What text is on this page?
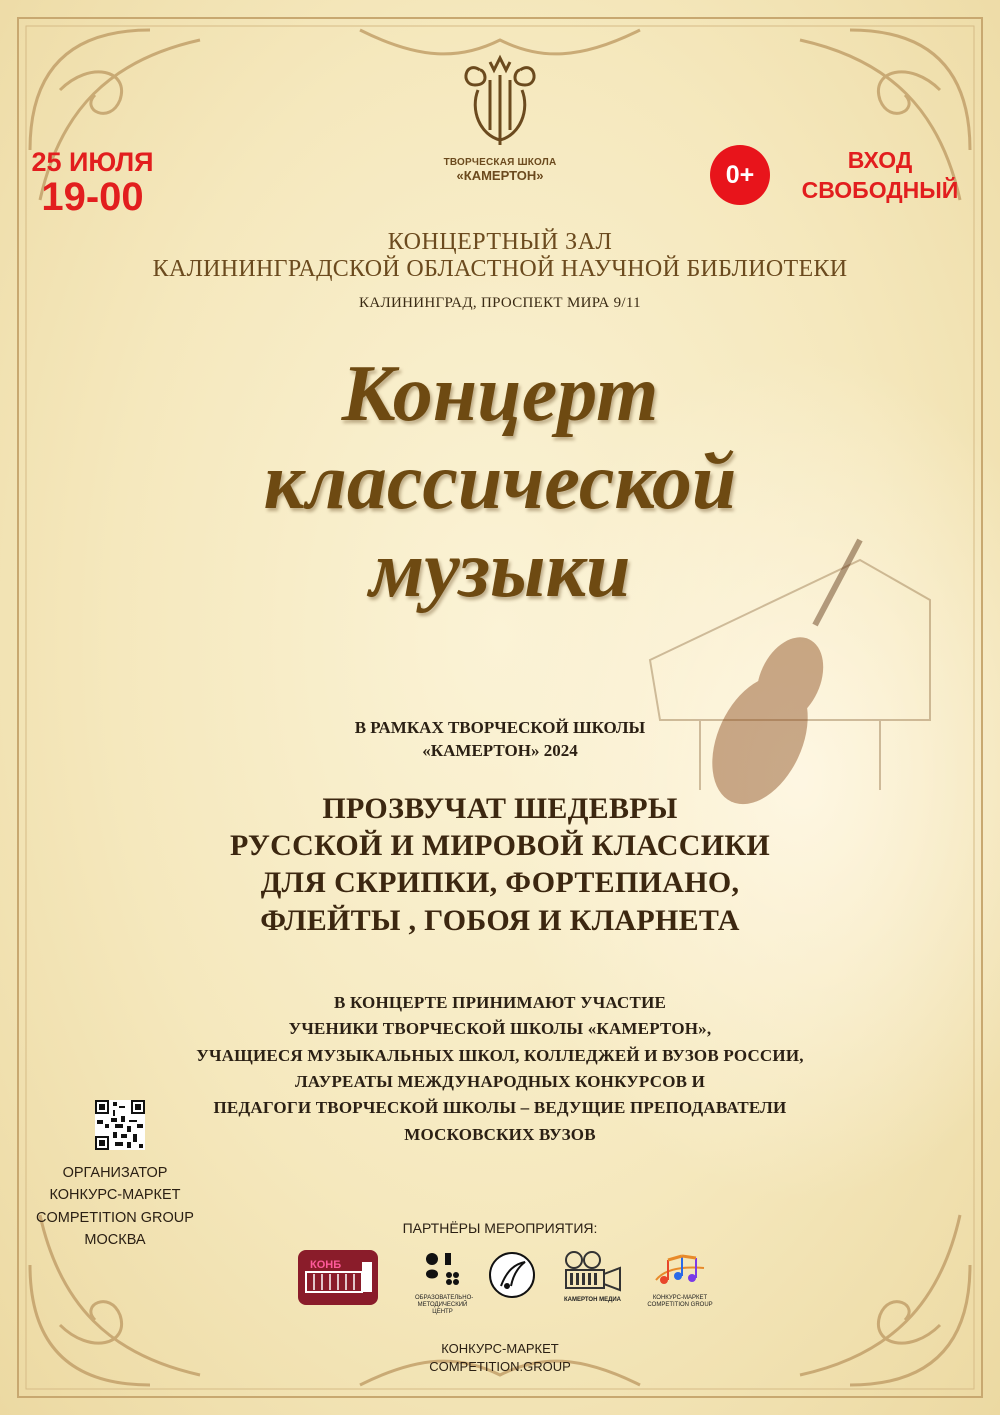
ТВОРЧЕСКАЯ ШКОЛА
«КАМЕРТОН»
25 ИЮЛЯ
19-00
0+
ВХОД
СВОБОДНЫЙ
КОНЦЕРТНЫЙ ЗАЛ
КАЛИНИНГРАДСКОЙ ОБЛАСТНОЙ НАУЧНОЙ БИБЛИОТЕКИ
КАЛИНИНГРАД, ПРОСПЕКТ МИРА 9/11
Концерт
классической
музыки
В РАМКАХ ТВОРЧЕСКОЙ ШКОЛЫ
«КАМЕРТОН» 2024
ПРОЗВУЧАТ ШЕДЕВРЫ
РУССКОЙ И МИРОВОЙ КЛАССИКИ
ДЛЯ СКРИПКИ, ФОРТЕПИАНО,
ФЛЕЙТЫ , ГОБОЯ И КЛАРНЕТА
В КОНЦЕРТЕ ПРИНИМАЮТ УЧАСТИЕ
УЧЕНИКИ ТВОРЧЕСКОЙ ШКОЛЫ «КАМЕРТОН»,
УЧАЩИЕСЯ МУЗЫКАЛЬНЫХ ШКОЛ, КОЛЛЕДЖЕЙ И ВУЗОВ РОССИИ,
ЛАУРЕАТЫ МЕЖДУНАРОДНЫХ КОНКУРСОВ И
ПЕДАГОГИ ТВОРЧЕСКОЙ ШКОЛЫ – ВЕДУЩИЕ ПРЕПОДАВАТЕЛИ
МОСКОВСКИХ ВУЗОВ
ОРГАНИЗАТОР
КОНКУРС-МАРКЕТ
COMPETITION GROUP
МОСКВА
ПАРТНЁРЫ МЕРОПРИЯТИЯ:
КОНБ
ОБРАЗОВАТЕЛЬНО-МЕТОДИЧЕСКИЙ ЦЕНТР
КАМЕРТОН МЕДИА	КОНКУРС-МАРКЕТ COMPETITION GROUP
КОНКУРС-МАРКЕТ
COMPETITION.GROUP
